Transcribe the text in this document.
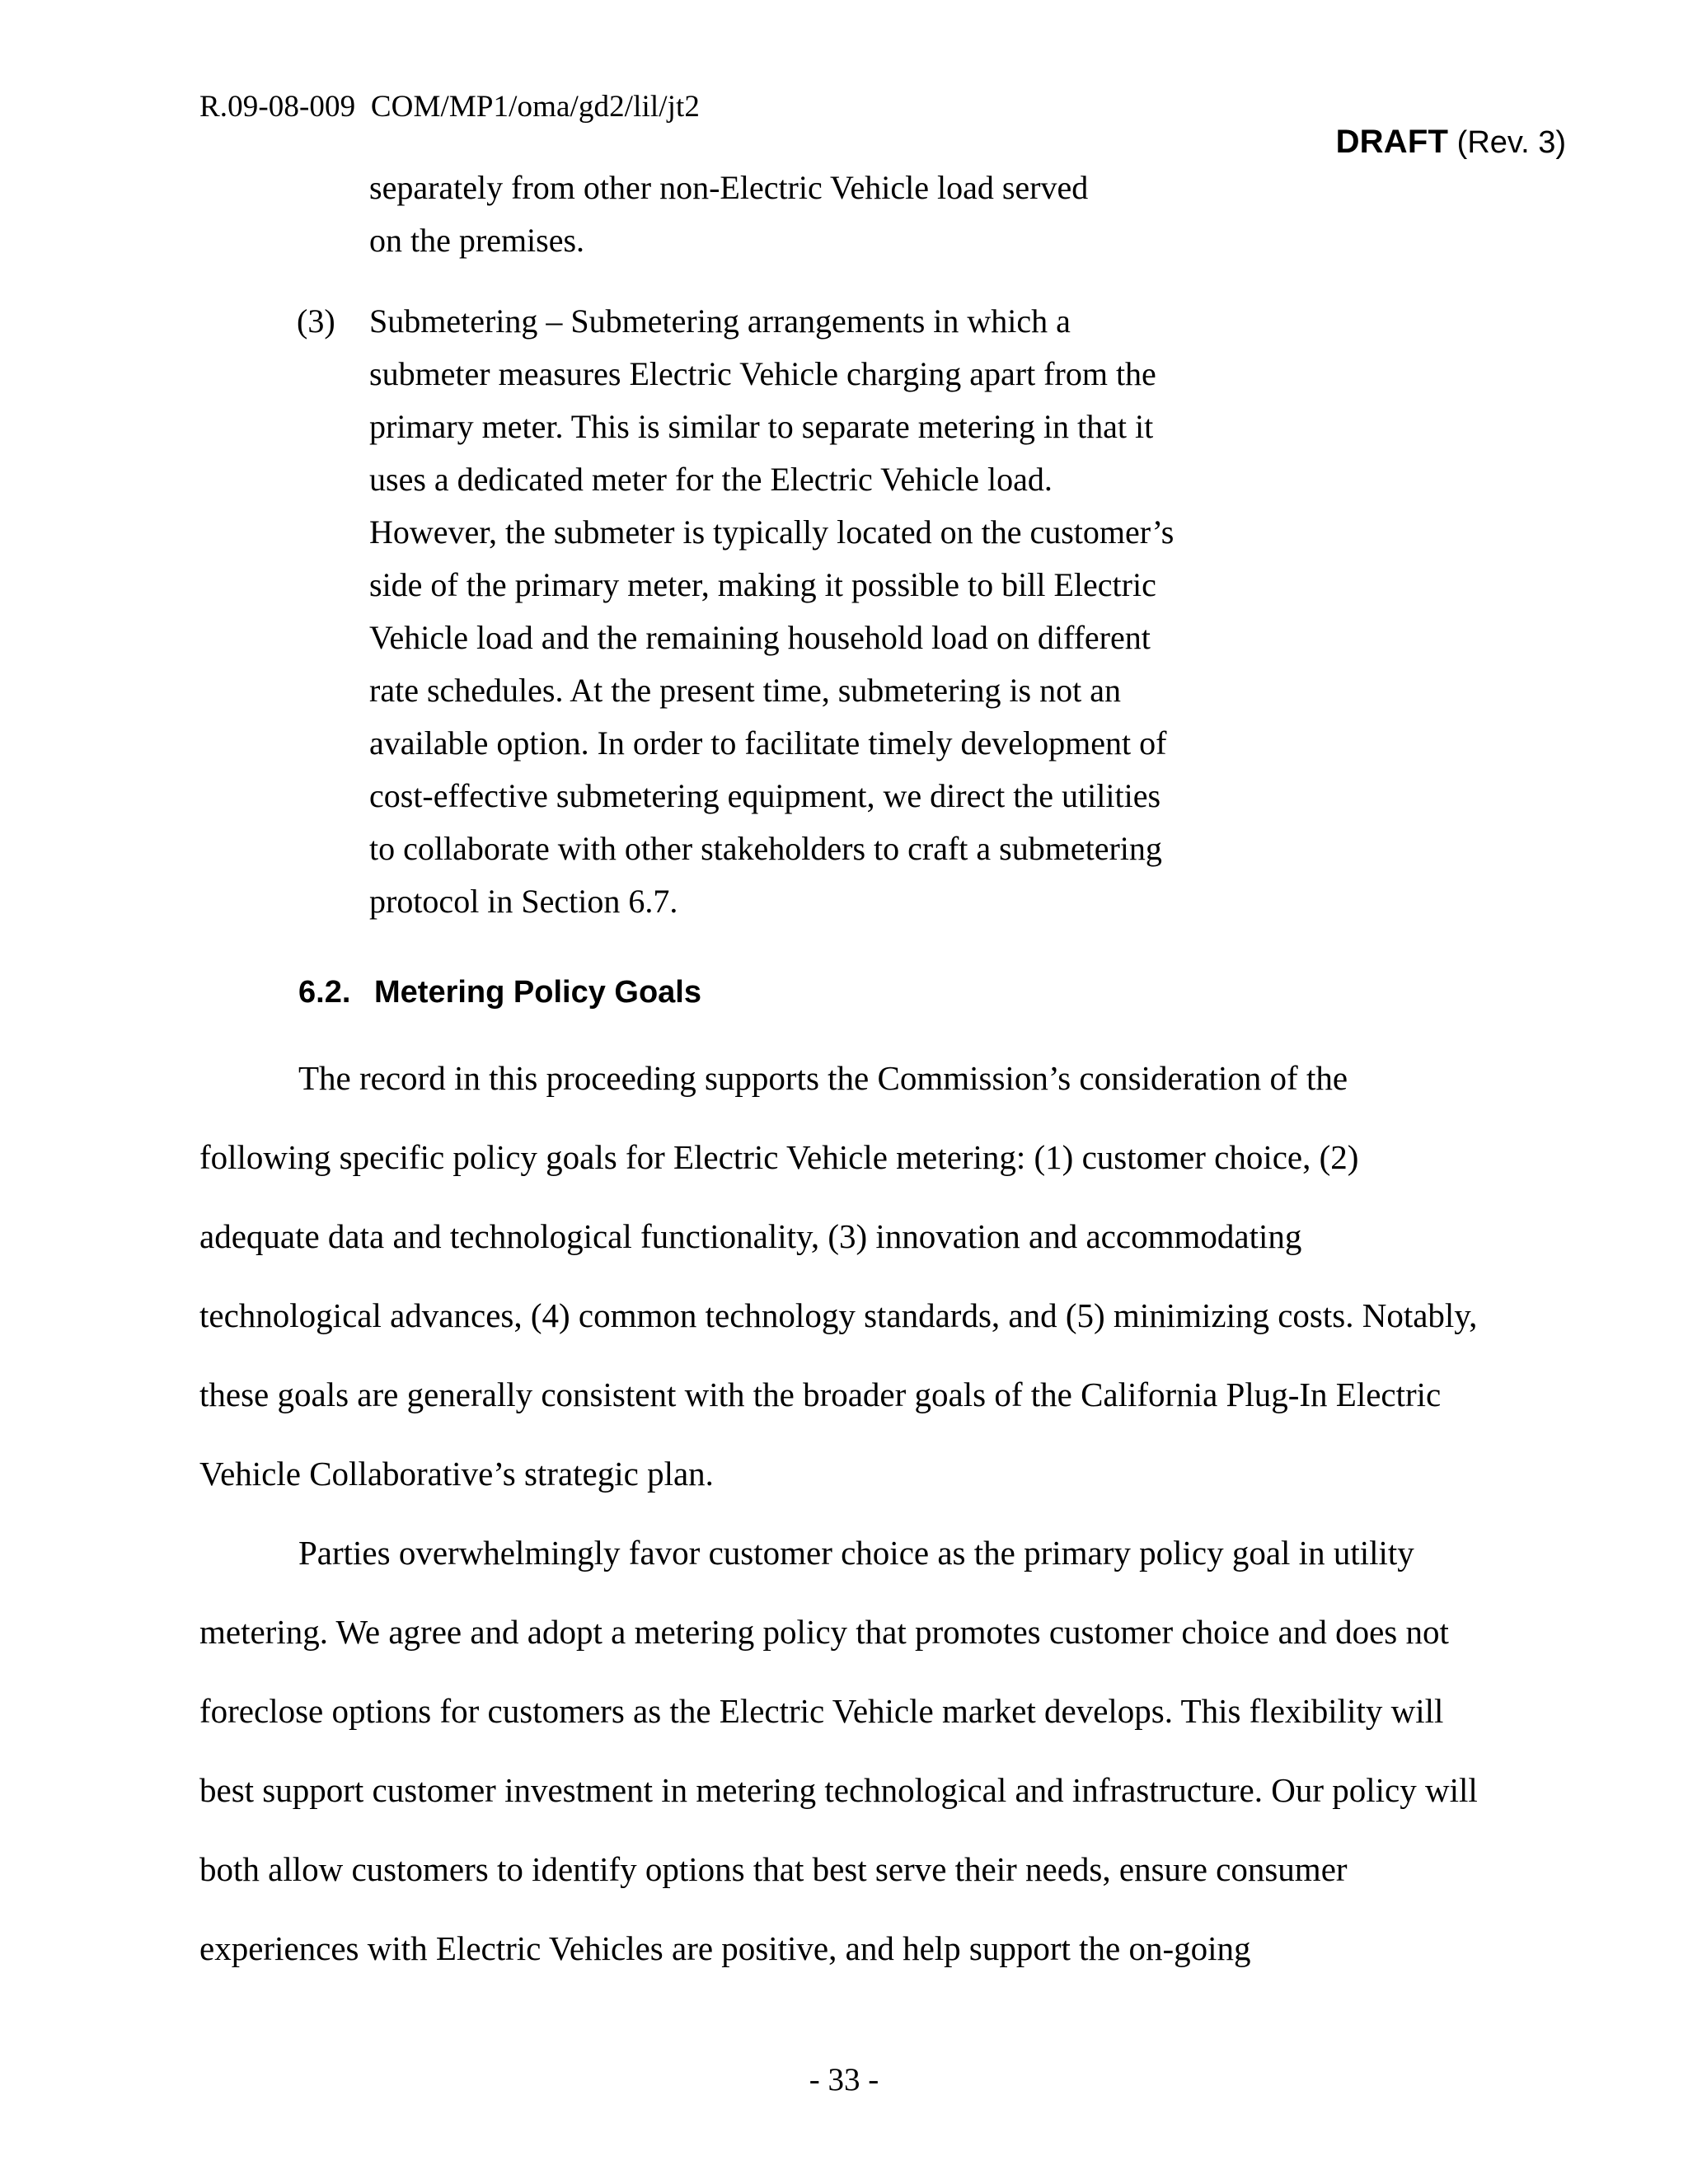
R.09-08-009  COM/MP1/oma/gd2/lil/jt2

DRAFT (Rev. 3)

separately from other non-Electric Vehicle load served on the premises.

(3)	Submetering – Submetering arrangements in which a submeter measures Electric Vehicle charging apart from the primary meter. This is similar to separate metering in that it uses a dedicated meter for the Electric Vehicle load. However, the submeter is typically located on the customer’s side of the primary meter, making it possible to bill Electric Vehicle load and the remaining household load on different rate schedules. At the present time, submetering is not an available option. In order to facilitate timely development of cost-effective submetering equipment, we direct the utilities to collaborate with other stakeholders to craft a submetering protocol in Section 6.7.
6.2. Metering Policy Goals

The record in this proceeding supports the Commission’s consideration of the following specific policy goals for Electric Vehicle metering: (1) customer choice, (2) adequate data and technological functionality, (3) innovation and accommodating technological advances, (4) common technology standards, and (5) minimizing costs. Notably, these goals are generally consistent with the broader goals of the California Plug-In Electric Vehicle Collaborative’s strategic plan.

Parties overwhelmingly favor customer choice as the primary policy goal in utility metering. We agree and adopt a metering policy that promotes customer choice and does not foreclose options for customers as the Electric Vehicle market develops. This flexibility will best support customer investment in metering technological and infrastructure. Our policy will both allow customers to identify options that best serve their needs, ensure consumer experiences with Electric Vehicles are positive, and help support the on-going

- 33 -
